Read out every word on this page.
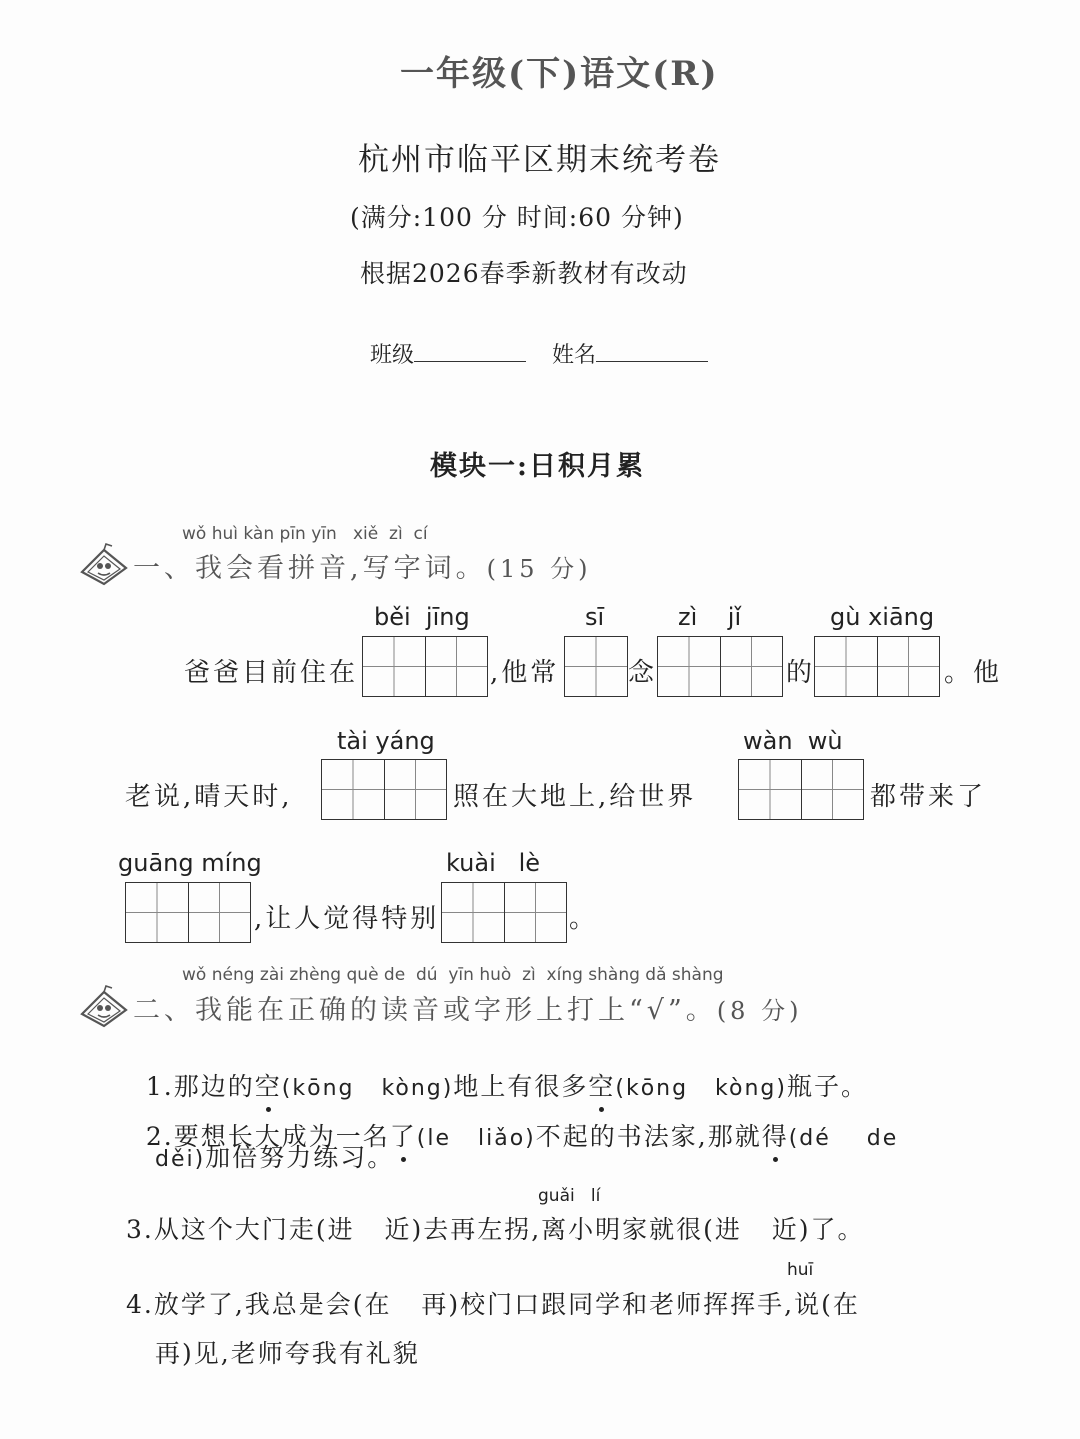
一年级(下)语文(R)
杭州市临平区期末统考卷
(满分:100 分 时间:60 分钟)
根据2026春季新教材有改动
班级	姓名
模块一:日积月累
wǒ huì kàn pīn yīn   xiě  zì  cí
一、我会看拼音,写字词。(15 分)
běi  jīng	sī	zì    jǐ	gù xiāng
爸爸目前住在	,他常	念	的	。他
tài yáng	wàn  wù
老说,晴天时,	照在大地上,给世界	都带来了
guāng míng	kuài   lè
,让人觉得特别	。
wǒ néng zài zhèng què de  dú  yīn huò  zì  xíng shàng dǎ shàng
二、我能在正确的读音或字形上打上“√”。(8 分)

1.那边的空(kōng   kòng)地上有很多空(kōng   kòng)瓶子。

2.要想长大成为一名了(le   liǎo)不起的书法家,那就得(dé    de

děi)加倍努力练习。
guǎi   lí
3.从这个大门走(进   近)去再左拐,离小明家就很(进   近)了。
huī
4.放学了,我总是会(在   再)校门口跟同学和老师挥挥手,说(在
再)见,老师夸我有礼貌
